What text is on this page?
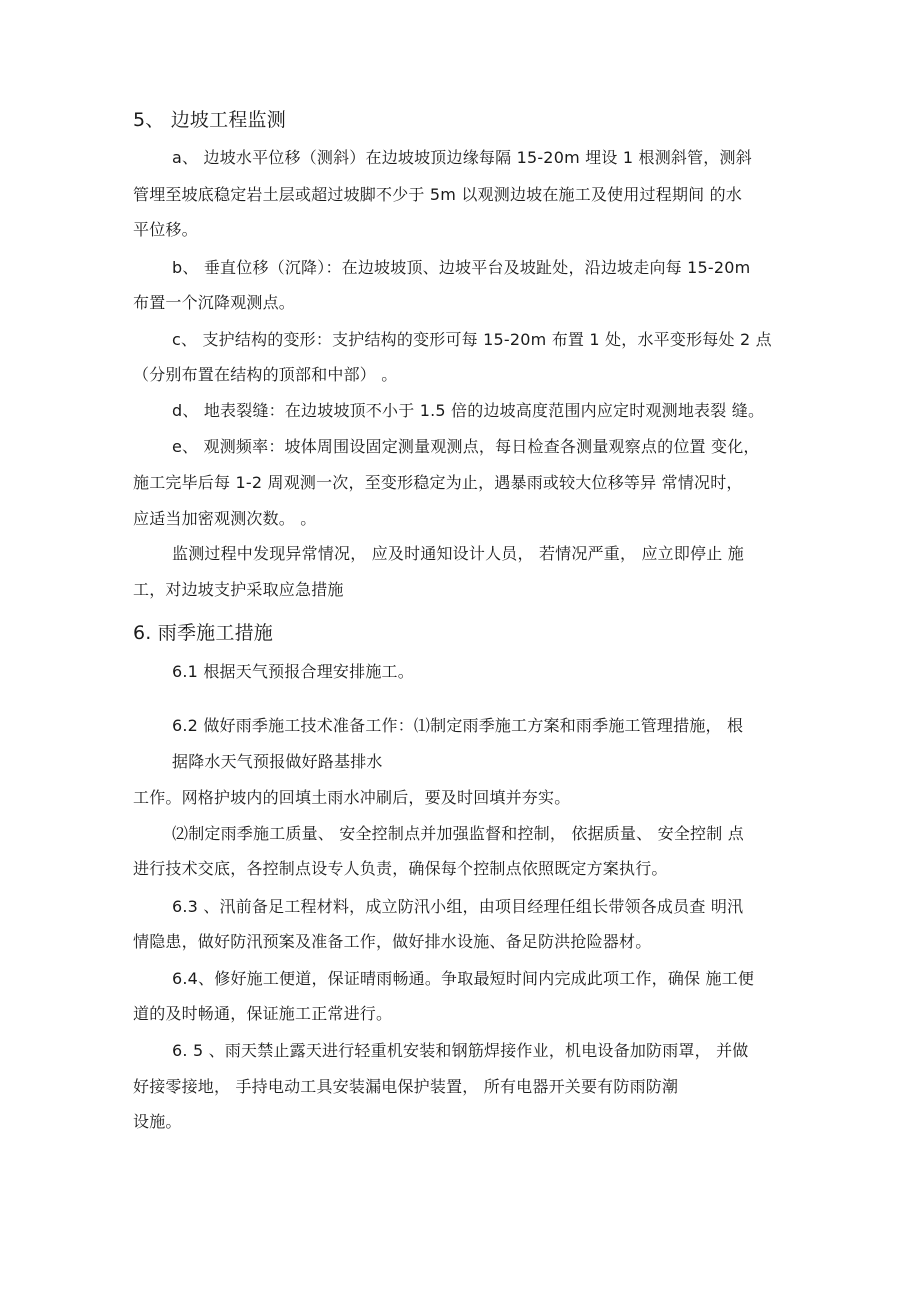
5、 边坡工程监测
a、 边坡水平位移（测斜）在边坡坡顶边缘每隔 15-20m 埋设 1 根测斜管，测斜
管埋至坡底稳定岩土层或超过坡脚不少于 5m 以观测边坡在施工及使用过程期间 的水
平位移。
b、 垂直位移（沉降）：在边坡坡顶、边坡平台及坡趾处，沿边坡走向每 15-20m
布置一个沉降观测点。
c、 支护结构的变形：支护结构的变形可每 15-20m 布置 1 处，水平变形每处 2 点
（分别布置在结构的顶部和中部） 。
d、 地表裂缝：在边坡坡顶不小于 1.5 倍的边坡高度范围内应定时观测地表裂 缝。
e、 观测频率：坡体周围设固定测量观测点，每日检查各测量观察点的位置 变化，
施工完毕后每 1-2 周观测一次，至变形稳定为止，遇暴雨或较大位移等异 常情况时，
应适当加密观测次数。 。
监测过程中发现异常情况， 应及时通知设计人员， 若情况严重， 应立即停止 施
工，对边坡支护采取应急措施
6. 雨季施工措施
6.1 根据天气预报合理安排施工。
6.2 做好雨季施工技术准备工作：⑴制定雨季施工方案和雨季施工管理措施， 根
据降水天气预报做好路基排水
工作。网格护坡内的回填土雨水冲刷后，要及时回填并夯实。
⑵制定雨季施工质量、 安全控制点并加强监督和控制， 依据质量、 安全控制 点
进行技术交底，各控制点设专人负责，确保每个控制点依照既定方案执行。
6.3 、汛前备足工程材料，成立防汛小组，由项目经理任组长带领各成员查 明汛
情隐患，做好防汛预案及准备工作，做好排水设施、备足防洪抢险器材。
6.4、修好施工便道，保证晴雨畅通。争取最短时间内完成此项工作，确保 施工便
道的及时畅通，保证施工正常进行。
6. 5 、雨天禁止露天进行轻重机安装和钢筋焊接作业，机电设备加防雨罩， 并做
好接零接地， 手持电动工具安装漏电保护装置， 所有电器开关要有防雨防潮
设施。
